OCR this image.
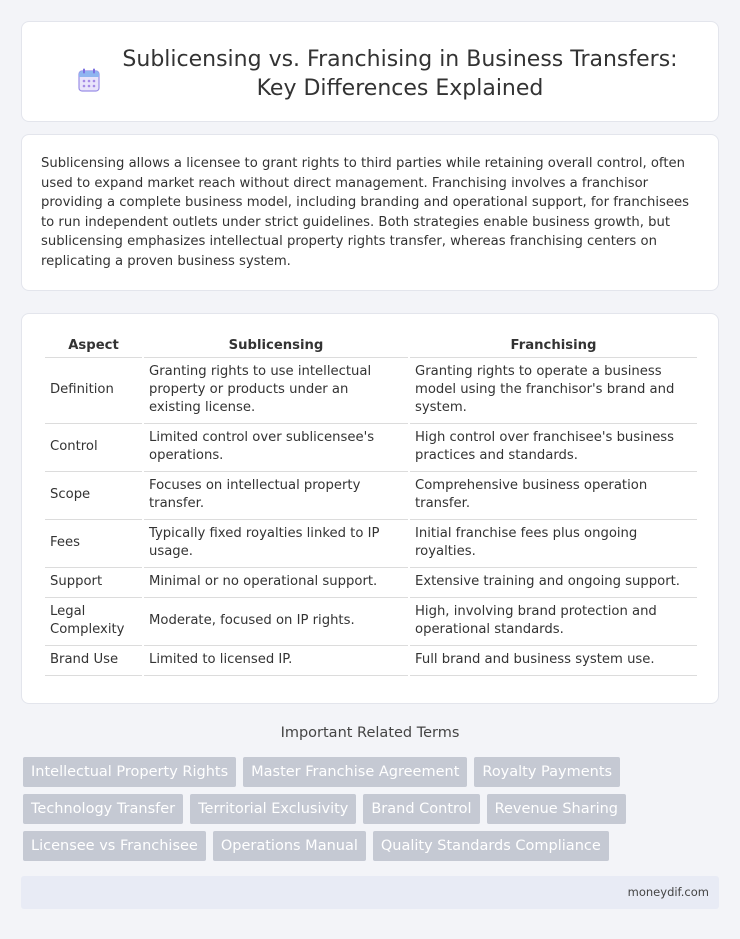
Sublicensing vs. Franchising in Business Transfers: Key Differences Explained

Sublicensing allows a licensee to grant rights to third parties while retaining overall control, often used to expand market reach without direct management. Franchising involves a franchisor providing a complete business model, including branding and operational support, for franchisees to run independent outlets under strict guidelines. Both strategies enable business growth, but sublicensing emphasizes intellectual property rights transfer, whereas franchising centers on replicating a proven business system.

Aspect	Sublicensing	Franchising
Definition	Granting rights to use intellectual property or products under an existing license.	Granting rights to operate a business model using the franchisor's brand and system.
Control	Limited control over sublicensee's operations.	High control over franchisee's business practices and standards.
Scope	Focuses on intellectual property transfer.	Comprehensive business operation transfer.
Fees	Typically fixed royalties linked to IP usage.	Initial franchise fees plus ongoing royalties.
Support	Minimal or no operational support.	Extensive training and ongoing support.
Legal Complexity	Moderate, focused on IP rights.	High, involving brand protection and operational standards.
Brand Use	Limited to licensed IP.	Full brand and business system use.
Important Related Terms
Intellectual Property Rights	Master Franchise Agreement	Royalty Payments
Technology Transfer	Territorial Exclusivity	Brand Control	Revenue Sharing
Licensee vs Franchisee	Operations Manual	Quality Standards Compliance
moneydif.com
